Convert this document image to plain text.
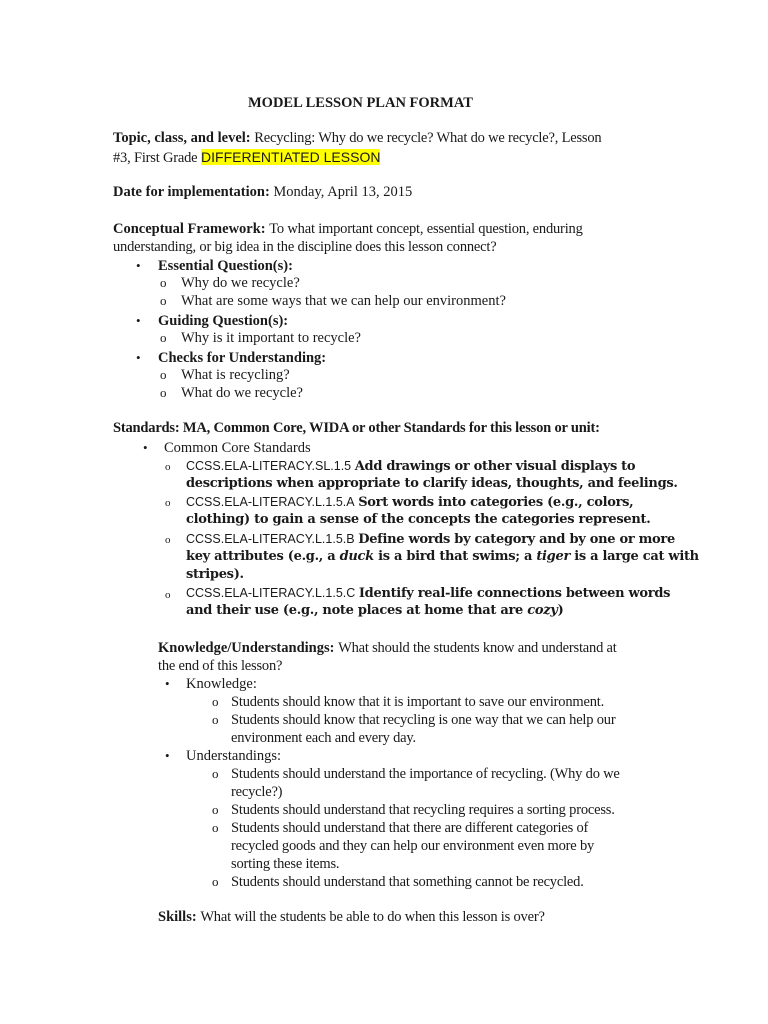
MODEL LESSON PLAN FORMAT
Topic, class, and level: Recycling: Why do we recycle? What do we recycle?, Lesson
#3, First Grade DIFFERENTIATED LESSON
Date for implementation: Monday, April 13, 2015
Conceptual Framework: To what important concept, essential question, enduring
understanding, or big idea in the discipline does this lesson connect?
• Essential Question(s):
o Why do we recycle?
o What are some ways that we can help our environment?
• Guiding Question(s):
o Why is it important to recycle?
• Checks for Understanding:
o What is recycling?
o What do we recycle?
Standards: MA, Common Core, WIDA or other Standards for this lesson or unit:
• Common Core Standards
o CCSS.ELA-LITERACY.SL.1.5 Add drawings or other visual displays to
descriptions when appropriate to clarify ideas, thoughts, and feelings.
o CCSS.ELA-LITERACY.L.1.5.A Sort words into categories (e.g., colors,
clothing) to gain a sense of the concepts the categories represent.
o CCSS.ELA-LITERACY.L.1.5.B Define words by category and by one or more
key attributes (e.g., a duck is a bird that swims; a tiger is a large cat with
stripes).
o CCSS.ELA-LITERACY.L.1.5.C Identify real-life connections between words
and their use (e.g., note places at home that are cozy)
Knowledge/Understandings: What should the students know and understand at
the end of this lesson?
• Knowledge:
o Students should know that it is important to save our environment.
o Students should know that recycling is one way that we can help our
environment each and every day.
• Understandings:
o Students should understand the importance of recycling. (Why do we
recycle?)
o Students should understand that recycling requires a sorting process.
o Students should understand that there are different categories of
recycled goods and they can help our environment even more by
sorting these items.
o Students should understand that something cannot be recycled.
Skills: What will the students be able to do when this lesson is over?
